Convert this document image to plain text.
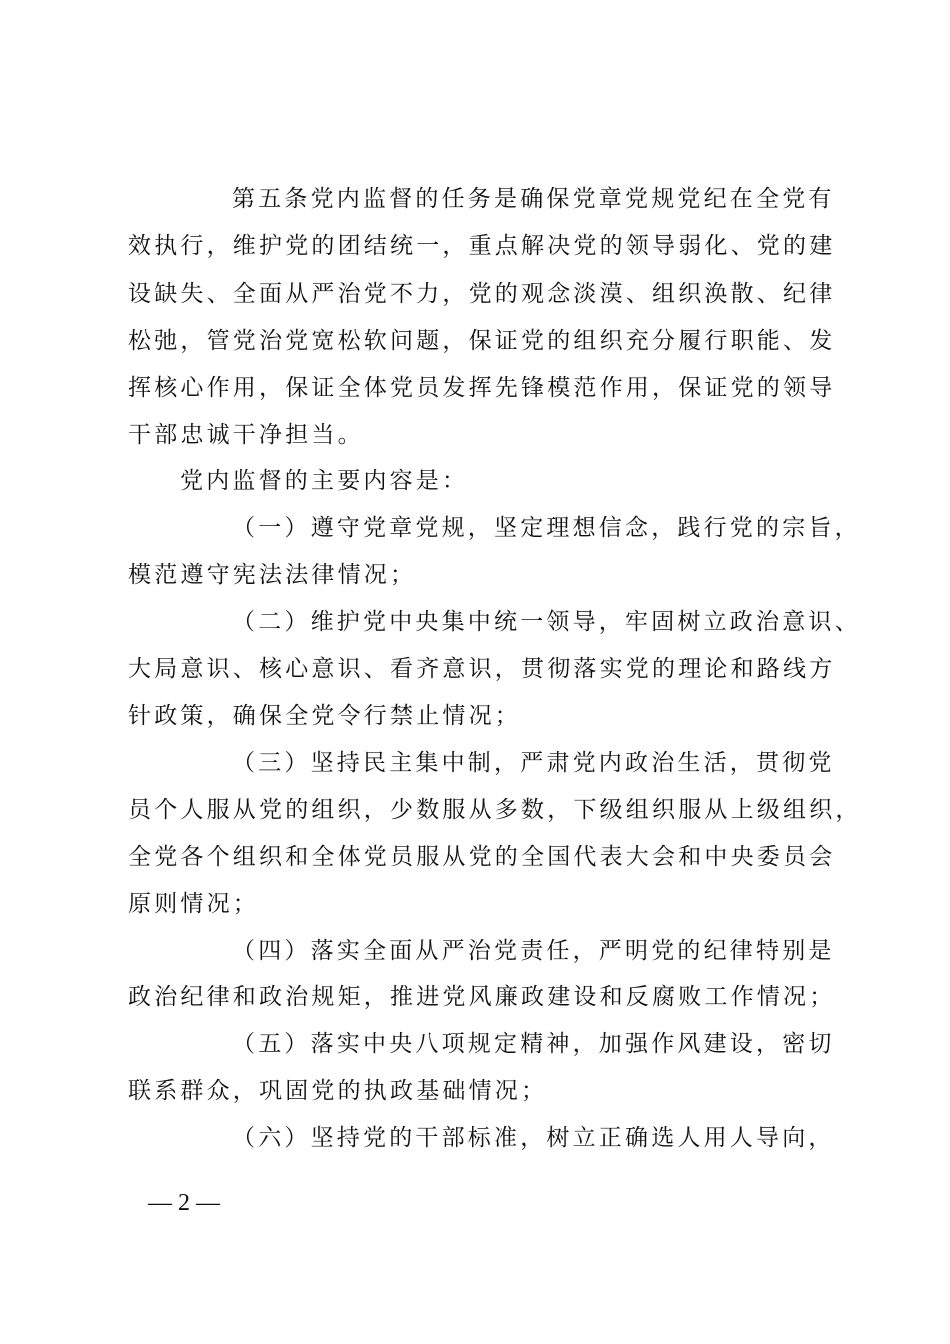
第五条党内监督的任务是确保党章党规党纪在全党有
效执行，维护党的团结统一，重点解决党的领导弱化、党的建
设缺失、全面从严治党不力，党的观念淡漠、组织涣散、纪律
松弛，管党治党宽松软问题，保证党的组织充分履行职能、发
挥核心作用，保证全体党员发挥先锋模范作用，保证党的领导
干部忠诚干净担当。
党内监督的主要内容是：
（一）遵守党章党规，坚定理想信念，践行党的宗旨，
模范遵守宪法法律情况；
（二）维护党中央集中统一领导，牢固树立政治意识、
大局意识、核心意识、看齐意识，贯彻落实党的理论和路线方
针政策，确保全党令行禁止情况；
（三）坚持民主集中制，严肃党内政治生活，贯彻党
员个人服从党的组织，少数服从多数，下级组织服从上级组织，
全党各个组织和全体党员服从党的全国代表大会和中央委员会
原则情况；
（四）落实全面从严治党责任，严明党的纪律特别是
政治纪律和政治规矩，推进党风廉政建设和反腐败工作情况；
（五）落实中央八项规定精神，加强作风建设，密切
联系群众，巩固党的执政基础情况；
（六）坚持党的干部标准，树立正确选人用人导向，
— 2 —
